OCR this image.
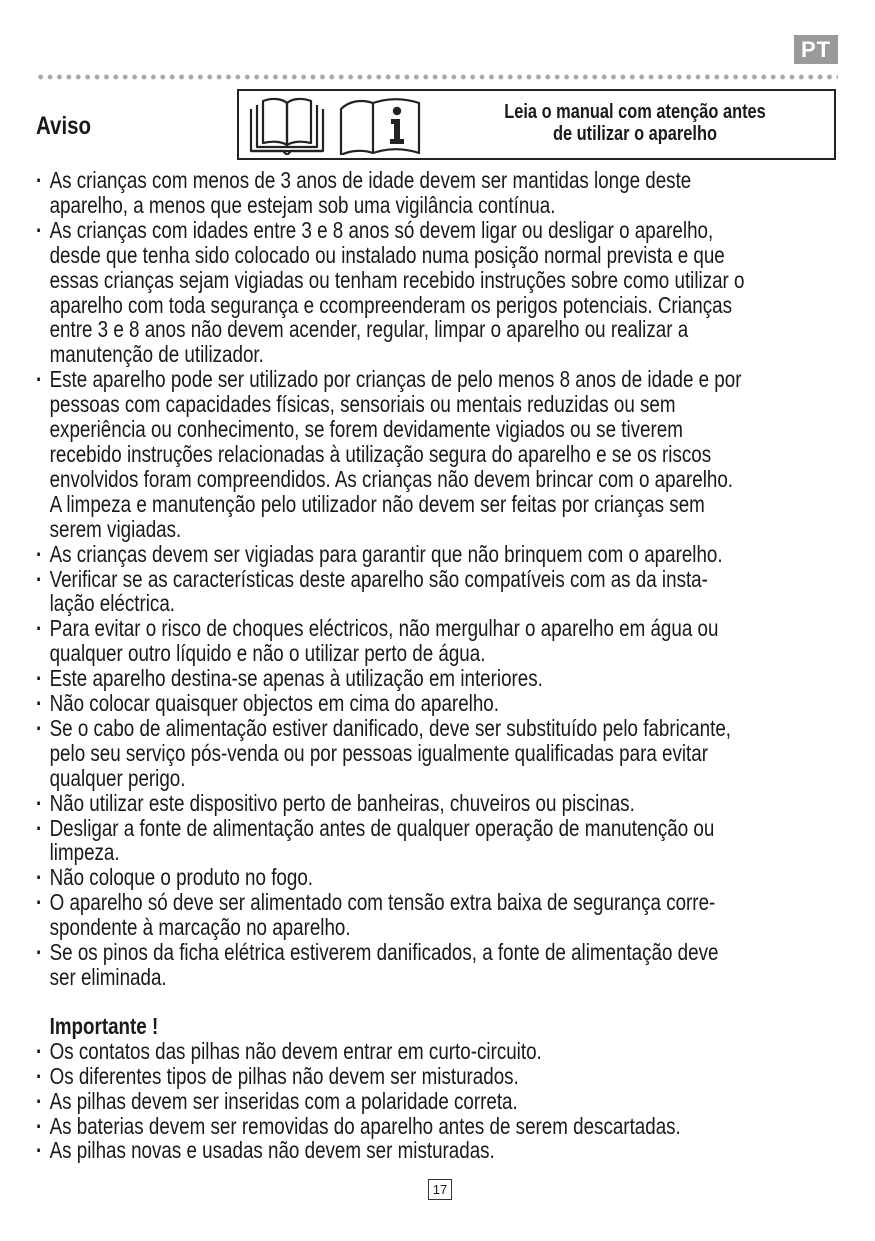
PT
Aviso	Leia o manual com atenção antes
de utilizar o aparelho
· As crianças com menos de 3 anos de idade devem ser mantidas longe deste
aparelho, a menos que estejam sob uma vigilância contínua.
· As crianças com idades entre 3 e 8 anos só devem ligar ou desligar o aparelho,
desde que tenha sido colocado ou instalado numa posição normal prevista e que
essas crianças sejam vigiadas ou tenham recebido instruções sobre como utilizar o
aparelho com toda segurança e ccompreenderam os perigos potenciais. Crianças
entre 3 e 8 anos não devem acender, regular, limpar o aparelho ou realizar a
manutenção de utilizador.
· Este aparelho pode ser utilizado por crianças de pelo menos 8 anos de idade e por
pessoas com capacidades físicas, sensoriais ou mentais reduzidas ou sem
experiência ou conhecimento, se forem devidamente vigiados ou se tiverem
recebido instruções relacionadas à utilização segura do aparelho e se os riscos
envolvidos foram compreendidos. As crianças não devem brincar com o aparelho.
A limpeza e manutenção pelo utilizador não devem ser feitas por crianças sem
serem vigiadas.
· As crianças devem ser vigiadas para garantir que não brinquem com o aparelho.
· Verificar se as características deste aparelho são compatíveis com as da insta-
lação eléctrica.
· Para evitar o risco de choques eléctricos, não mergulhar o aparelho em água ou
qualquer outro líquido e não o utilizar perto de água.
· Este aparelho destina-se apenas à utilização em interiores.
· Não colocar quaisquer objectos em cima do aparelho.
· Se o cabo de alimentação estiver danificado, deve ser substituído pelo fabricante,
pelo seu serviço pós-venda ou por pessoas igualmente qualificadas para evitar
qualquer perigo.
· Não utilizar este dispositivo perto de banheiras, chuveiros ou piscinas.
· Desligar a fonte de alimentação antes de qualquer operação de manutenção ou
limpeza.
· Não coloque o produto no fogo.
· O aparelho só deve ser alimentado com tensão extra baixa de segurança corre-
spondente à marcação no aparelho.
· Se os pinos da ficha elétrica estiverem danificados, a fonte de alimentação deve
ser eliminada.
Importante !
· Os contatos das pilhas não devem entrar em curto-circuito.
· Os diferentes tipos de pilhas não devem ser misturados.
· As pilhas devem ser inseridas com a polaridade correta.
· As baterias devem ser removidas do aparelho antes de serem descartadas.
· As pilhas novas e usadas não devem ser misturadas.
17
